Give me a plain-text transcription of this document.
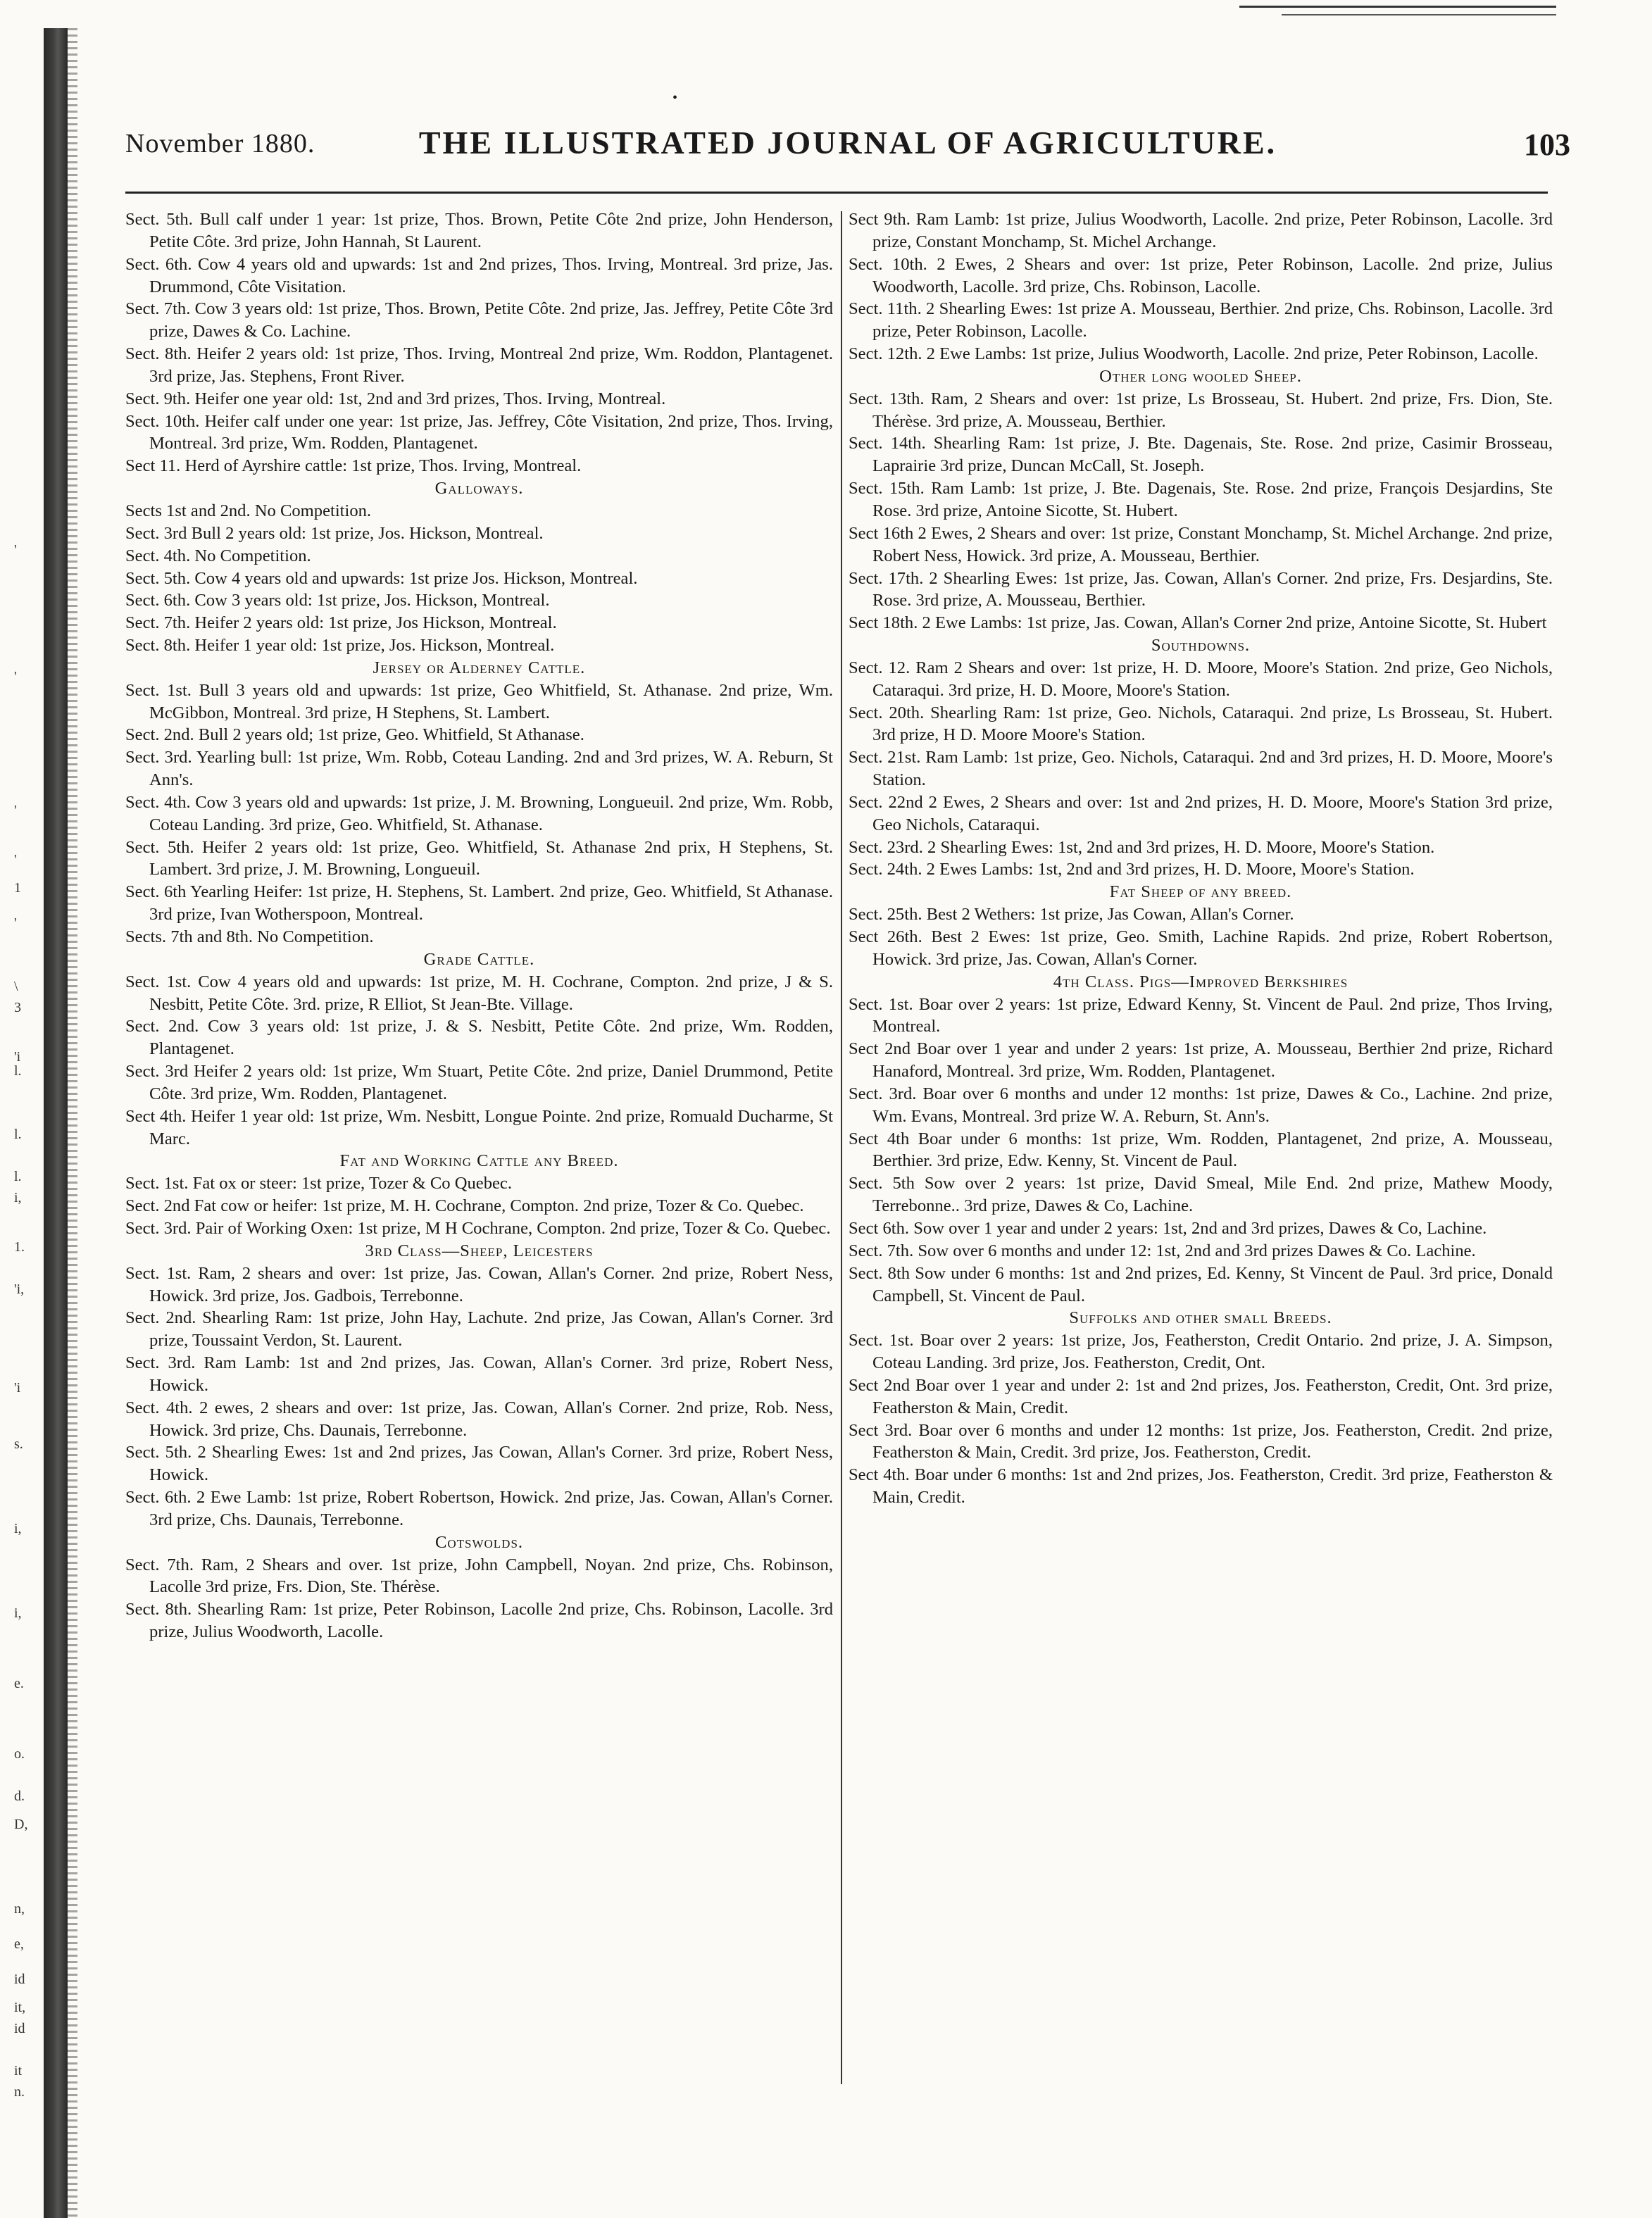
•
November 1880.	THE ILLUSTRATED JOURNAL OF AGRICULTURE.	103
'
'
'
'
1
'
\
3
'i
l.
l.
l.
i,
1.
'i,
'i
s.
i,
i,
e.
o.
d.
D,
n,
e,
id
it,
id
it
n.

Sect. 5th. Bull calf under 1 year: 1st prize, Thos. Brown, Petite Côte 2nd prize, John Henderson, Petite Côte. 3rd prize, John Hannah, St Laurent.

Sect. 6th. Cow 4 years old and upwards: 1st and 2nd prizes, Thos. Irving, Montreal. 3rd prize, Jas. Drummond, Côte Visitation.

Sect. 7th. Cow 3 years old: 1st prize, Thos. Brown, Petite Côte. 2nd prize, Jas. Jeffrey, Petite Côte 3rd prize, Dawes & Co. Lachine.

Sect. 8th. Heifer 2 years old: 1st prize, Thos. Irving, Montreal 2nd prize, Wm. Roddon, Plantagenet. 3rd prize, Jas. Stephens, Front River.

Sect. 9th. Heifer one year old: 1st, 2nd and 3rd prizes, Thos. Irving, Montreal.

Sect. 10th. Heifer calf under one year: 1st prize, Jas. Jeffrey, Côte Visitation, 2nd prize, Thos. Irving, Montreal. 3rd prize, Wm. Rodden, Plantagenet.

Sect 11. Herd of Ayrshire cattle: 1st prize, Thos. Irving, Montreal.

Galloways.

Sects 1st and 2nd. No Competition.

Sect. 3rd Bull 2 years old: 1st prize, Jos. Hickson, Montreal.

Sect. 4th. No Competition.

Sect. 5th. Cow 4 years old and upwards: 1st prize Jos. Hickson, Montreal.

Sect. 6th. Cow 3 years old: 1st prize, Jos. Hickson, Montreal.

Sect. 7th. Heifer 2 years old: 1st prize, Jos Hickson, Montreal.

Sect. 8th. Heifer 1 year old: 1st prize, Jos. Hickson, Montreal.

Jersey or Alderney Cattle.

Sect. 1st. Bull 3 years old and upwards: 1st prize, Geo Whitfield, St. Athanase. 2nd prize, Wm. McGibbon, Montreal. 3rd prize, H Stephens, St. Lambert.

Sect. 2nd. Bull 2 years old; 1st prize, Geo. Whitfield, St Athanase.

Sect. 3rd. Yearling bull: 1st prize, Wm. Robb, Coteau Landing. 2nd and 3rd prizes, W. A. Reburn, St Ann's.

Sect. 4th. Cow 3 years old and upwards: 1st prize, J. M. Browning, Longueuil. 2nd prize, Wm. Robb, Coteau Landing. 3rd prize, Geo. Whitfield, St. Athanase.

Sect. 5th. Heifer 2 years old: 1st prize, Geo. Whitfield, St. Athanase 2nd prix, H Stephens, St. Lambert. 3rd prize, J. M. Browning, Longueuil.

Sect. 6th Yearling Heifer: 1st prize, H. Stephens, St. Lambert. 2nd prize, Geo. Whitfield, St Athanase. 3rd prize, Ivan Wotherspoon, Montreal.

Sects. 7th and 8th. No Competition.

Grade Cattle.

Sect. 1st. Cow 4 years old and upwards: 1st prize, M. H. Cochrane, Compton. 2nd prize, J & S. Nesbitt, Petite Côte. 3rd. prize, R Elliot, St Jean-Bte. Village.

Sect. 2nd. Cow 3 years old: 1st prize, J. & S. Nesbitt, Petite Côte. 2nd prize, Wm. Rodden, Plantagenet.

Sect. 3rd Heifer 2 years old: 1st prize, Wm Stuart, Petite Côte. 2nd prize, Daniel Drummond, Petite Côte. 3rd prize, Wm. Rodden, Plantagenet.

Sect 4th. Heifer 1 year old: 1st prize, Wm. Nesbitt, Longue Pointe. 2nd prize, Romuald Ducharme, St Marc.

Fat and Working Cattle any Breed.

Sect. 1st. Fat ox or steer: 1st prize, Tozer & Co Quebec.

Sect. 2nd Fat cow or heifer: 1st prize, M. H. Cochrane, Compton. 2nd prize, Tozer & Co. Quebec.

Sect. 3rd. Pair of Working Oxen: 1st prize, M H Cochrane, Compton. 2nd prize, Tozer & Co. Quebec.

3rd Class—Sheep, Leicesters

Sect. 1st. Ram, 2 shears and over: 1st prize, Jas. Cowan, Allan's Corner. 2nd prize, Robert Ness, Howick. 3rd prize, Jos. Gadbois, Terrebonne.

Sect. 2nd. Shearling Ram: 1st prize, John Hay, Lachute. 2nd prize, Jas Cowan, Allan's Corner. 3rd prize, Toussaint Verdon, St. Laurent.

Sect. 3rd. Ram Lamb: 1st and 2nd prizes, Jas. Cowan, Allan's Corner. 3rd prize, Robert Ness, Howick.

Sect. 4th. 2 ewes, 2 shears and over: 1st prize, Jas. Cowan, Allan's Corner. 2nd prize, Rob. Ness, Howick. 3rd prize, Chs. Daunais, Terrebonne.

Sect. 5th. 2 Shearling Ewes: 1st and 2nd prizes, Jas Cowan, Allan's Corner. 3rd prize, Robert Ness, Howick.

Sect. 6th. 2 Ewe Lamb: 1st prize, Robert Robertson, Howick. 2nd prize, Jas. Cowan, Allan's Corner. 3rd prize, Chs. Daunais, Terrebonne.

Cotswolds.

Sect. 7th. Ram, 2 Shears and over. 1st prize, John Campbell, Noyan. 2nd prize, Chs. Robinson, Lacolle 3rd prize, Frs. Dion, Ste. Thérèse.

Sect. 8th. Shearling Ram: 1st prize, Peter Robinson, Lacolle 2nd prize, Chs. Robinson, Lacolle. 3rd prize, Julius Woodworth, Lacolle.

Sect 9th. Ram Lamb: 1st prize, Julius Woodworth, Lacolle. 2nd prize, Peter Robinson, Lacolle. 3rd prize, Constant Monchamp, St. Michel Archange.

Sect. 10th. 2 Ewes, 2 Shears and over: 1st prize, Peter Robinson, Lacolle. 2nd prize, Julius Woodworth, Lacolle. 3rd prize, Chs. Robinson, Lacolle.

Sect. 11th. 2 Shearling Ewes: 1st prize A. Mousseau, Berthier. 2nd prize, Chs. Robinson, Lacolle. 3rd prize, Peter Robinson, Lacolle.

Sect. 12th. 2 Ewe Lambs: 1st prize, Julius Woodworth, Lacolle. 2nd prize, Peter Robinson, Lacolle.

Other long wooled Sheep.

Sect. 13th. Ram, 2 Shears and over: 1st prize, Ls Brosseau, St. Hubert. 2nd prize, Frs. Dion, Ste. Thérèse. 3rd prize, A. Mousseau, Berthier.

Sect. 14th. Shearling Ram: 1st prize, J. Bte. Dagenais, Ste. Rose. 2nd prize, Casimir Brosseau, Laprairie 3rd prize, Duncan McCall, St. Joseph.

Sect. 15th. Ram Lamb: 1st prize, J. Bte. Dagenais, Ste. Rose. 2nd prize, François Desjardins, Ste Rose. 3rd prize, Antoine Sicotte, St. Hubert.

Sect 16th 2 Ewes, 2 Shears and over: 1st prize, Constant Monchamp, St. Michel Archange. 2nd prize, Robert Ness, Howick. 3rd prize, A. Mousseau, Berthier.

Sect. 17th. 2 Shearling Ewes: 1st prize, Jas. Cowan, Allan's Corner. 2nd prize, Frs. Desjardins, Ste. Rose. 3rd prize, A. Mousseau, Berthier.

Sect 18th. 2 Ewe Lambs: 1st prize, Jas. Cowan, Allan's Corner 2nd prize, Antoine Sicotte, St. Hubert

Southdowns.

Sect. 12. Ram 2 Shears and over: 1st prize, H. D. Moore, Moore's Station. 2nd prize, Geo Nichols, Cataraqui. 3rd prize, H. D. Moore, Moore's Station.

Sect. 20th. Shearling Ram: 1st prize, Geo. Nichols, Cataraqui. 2nd prize, Ls Brosseau, St. Hubert. 3rd prize, H D. Moore Moore's Station.

Sect. 21st. Ram Lamb: 1st prize, Geo. Nichols, Cataraqui. 2nd and 3rd prizes, H. D. Moore, Moore's Station.

Sect. 22nd 2 Ewes, 2 Shears and over: 1st and 2nd prizes, H. D. Moore, Moore's Station 3rd prize, Geo Nichols, Cataraqui.

Sect. 23rd. 2 Shearling Ewes: 1st, 2nd and 3rd prizes, H. D. Moore, Moore's Station.

Sect. 24th. 2 Ewes Lambs: 1st, 2nd and 3rd prizes, H. D. Moore, Moore's Station.

Fat Sheep of any breed.

Sect. 25th. Best 2 Wethers: 1st prize, Jas Cowan, Allan's Corner.

Sect 26th. Best 2 Ewes: 1st prize, Geo. Smith, Lachine Rapids. 2nd prize, Robert Robertson, Howick. 3rd prize, Jas. Cowan, Allan's Corner.

4th Class. Pigs—Improved Berkshires

Sect. 1st. Boar over 2 years: 1st prize, Edward Kenny, St. Vincent de Paul. 2nd prize, Thos Irving, Montreal.

Sect 2nd Boar over 1 year and under 2 years: 1st prize, A. Mousseau, Berthier 2nd prize, Richard Hanaford, Montreal. 3rd prize, Wm. Rodden, Plantagenet.

Sect. 3rd. Boar over 6 months and under 12 months: 1st prize, Dawes & Co., Lachine. 2nd prize, Wm. Evans, Montreal. 3rd prize W. A. Reburn, St. Ann's.

Sect 4th Boar under 6 months: 1st prize, Wm. Rodden, Plantagenet, 2nd prize, A. Mousseau, Berthier. 3rd prize, Edw. Kenny, St. Vincent de Paul.

Sect. 5th Sow over 2 years: 1st prize, David Smeal, Mile End. 2nd prize, Mathew Moody, Terrebonne.. 3rd prize, Dawes & Co, Lachine.

Sect 6th. Sow over 1 year and under 2 years: 1st, 2nd and 3rd prizes, Dawes & Co, Lachine.

Sect. 7th. Sow over 6 months and under 12: 1st, 2nd and 3rd prizes Dawes & Co. Lachine.

Sect. 8th Sow under 6 months: 1st and 2nd prizes, Ed. Kenny, St Vincent de Paul. 3rd price, Donald Campbell, St. Vincent de Paul.

Suffolks and other small Breeds.

Sect. 1st. Boar over 2 years: 1st prize, Jos, Featherston, Credit Ontario. 2nd prize, J. A. Simpson, Coteau Landing. 3rd prize, Jos. Featherston, Credit, Ont.

Sect 2nd Boar over 1 year and under 2: 1st and 2nd prizes, Jos. Featherston, Credit, Ont. 3rd prize, Featherston & Main, Credit.

Sect 3rd. Boar over 6 months and under 12 months: 1st prize, Jos. Featherston, Credit. 2nd prize, Featherston & Main, Credit. 3rd prize, Jos. Featherston, Credit.

Sect 4th. Boar under 6 months: 1st and 2nd prizes, Jos. Featherston, Credit. 3rd prize, Featherston & Main, Credit.
